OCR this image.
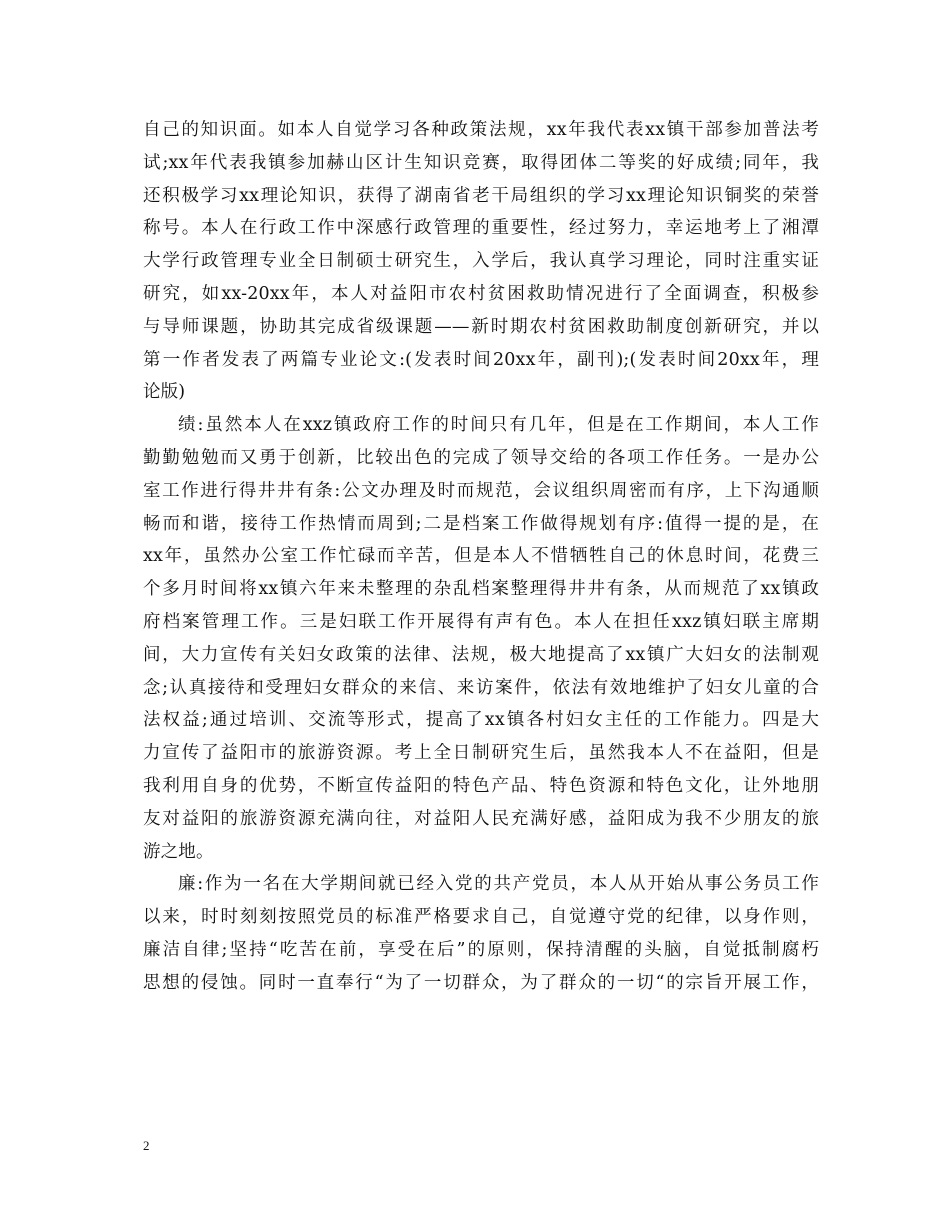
自己的知识面。如本人自觉学习各种政策法规，xx年我代表xx镇干部参加普法考
试;xx年代表我镇参加赫山区计生知识竞赛，取得团体二等奖的好成绩;同年，我
还积极学习xx理论知识，获得了湖南省老干局组织的学习xx理论知识铜奖的荣誉
称号。本人在行政工作中深感行政管理的重要性，经过努力，幸运地考上了湘潭
大学行政管理专业全日制硕士研究生，入学后，我认真学习理论，同时注重实证
研究，如xx-20xx年，本人对益阳市农村贫困救助情况进行了全面调查，积极参
与导师课题，协助其完成省级课题——新时期农村贫困救助制度创新研究，并以
第一作者发表了两篇专业论文:(发表时间20xx年，副刊);(发表时间20xx年，理
论版)
绩:虽然本人在xxz镇政府工作的时间只有几年，但是在工作期间，本人工作
勤勤勉勉而又勇于创新，比较出色的完成了领导交给的各项工作任务。一是办公
室工作进行得井井有条:公文办理及时而规范，会议组织周密而有序，上下沟通顺
畅而和谐，接待工作热情而周到;二是档案工作做得规划有序:值得一提的是，在
xx年，虽然办公室工作忙碌而辛苦，但是本人不惜牺牲自己的休息时间，花费三
个多月时间将xx镇六年来未整理的杂乱档案整理得井井有条，从而规范了xx镇政
府档案管理工作。三是妇联工作开展得有声有色。本人在担任xxz镇妇联主席期
间，大力宣传有关妇女政策的法律、法规，极大地提高了xx镇广大妇女的法制观
念;认真接待和受理妇女群众的来信、来访案件，依法有效地维护了妇女儿童的合
法权益;通过培训、交流等形式，提高了xx镇各村妇女主任的工作能力。四是大
力宣传了益阳市的旅游资源。考上全日制研究生后，虽然我本人不在益阳，但是
我利用自身的优势，不断宣传益阳的特色产品、特色资源和特色文化，让外地朋
友对益阳的旅游资源充满向往，对益阳人民充满好感，益阳成为我不少朋友的旅
游之地。
廉:作为一名在大学期间就已经入党的共产党员，本人从开始从事公务员工作
以来，时时刻刻按照党员的标准严格要求自己，自觉遵守党的纪律，以身作则，
廉洁自律;坚持“吃苦在前，享受在后”的原则，保持清醒的头脑，自觉抵制腐朽
思想的侵蚀。同时一直奉行“为了一切群众，为了群众的一切“的宗旨开展工作，
2
